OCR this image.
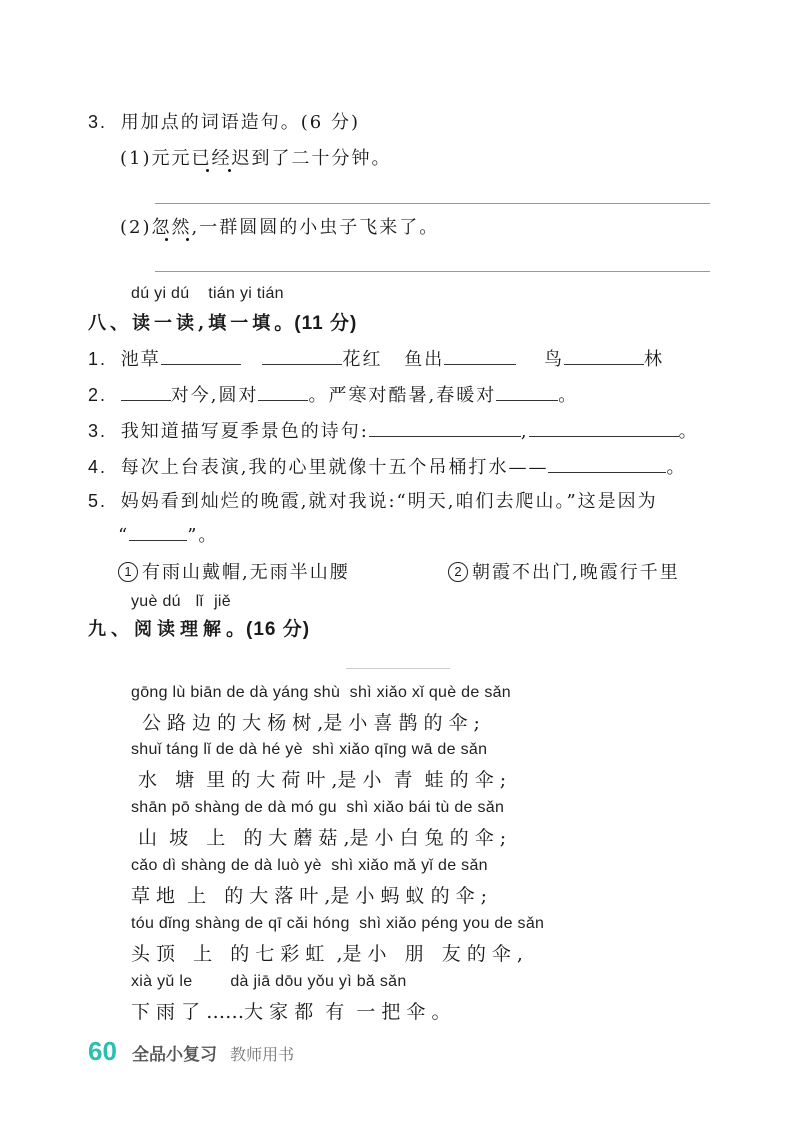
3. 用加点的词语造句。(6 分)
(1)元元已经迟到了二十分钟。
(2)忽然,一群圆圆的小虫子飞来了。
dú yi dú tián yi tián
八、读一读,填一填。(11 分)
1. 池草	花红 鱼出	鸟	林
2.	对今,圆对	。严寒对酷暑,春暖对	。
3. 我知道描写夏季景色的诗句:	,	。
4. 每次上台表演,我的心里就像十五个吊桶打水——	。
5. 妈妈看到灿烂的晚霞,就对我说:“明天,咱们去爬山。”这是因为
“	”。
1 有雨山戴帽,无雨半山腰	2 朝霞不出门,晚霞行千里
yuè dú lǐ jiě
九、阅读理解。(16 分)
gōng lù biān de dà yáng shù  shì xiǎo xǐ què de sǎn
公 路 边 的 大 杨 树 ,是 小 喜 鹊 的 伞 ;
shuǐ táng lǐ de dà hé yè  shì xiǎo qīng wā de sǎn
水   塘  里 的 大 荷 叶 ,是 小  青  蛙 的 伞 ;
shān pō shàng de dà mó gu  shì xiǎo bái tù de sǎn
山  坡   上   的 大 蘑 菇 ,是 小 白 兔 的 伞 ;
cǎo dì shàng de dà luò yè  shì xiǎo mǎ yǐ de sǎn
草 地  上   的 大 落 叶 ,是 小 蚂 蚁 的 伞 ;
tóu dǐng shàng de qī cǎi hóng  shì xiǎo péng you de sǎn
头 顶   上   的 七 彩 虹  ,是 小   朋   友 的 伞 ,
xià yǔ le        dà jiā dōu yǒu yì bǎ sǎn
下 雨 了 ……大 家 都  有  一 把 伞 。
60 全品小复习 教师用书
